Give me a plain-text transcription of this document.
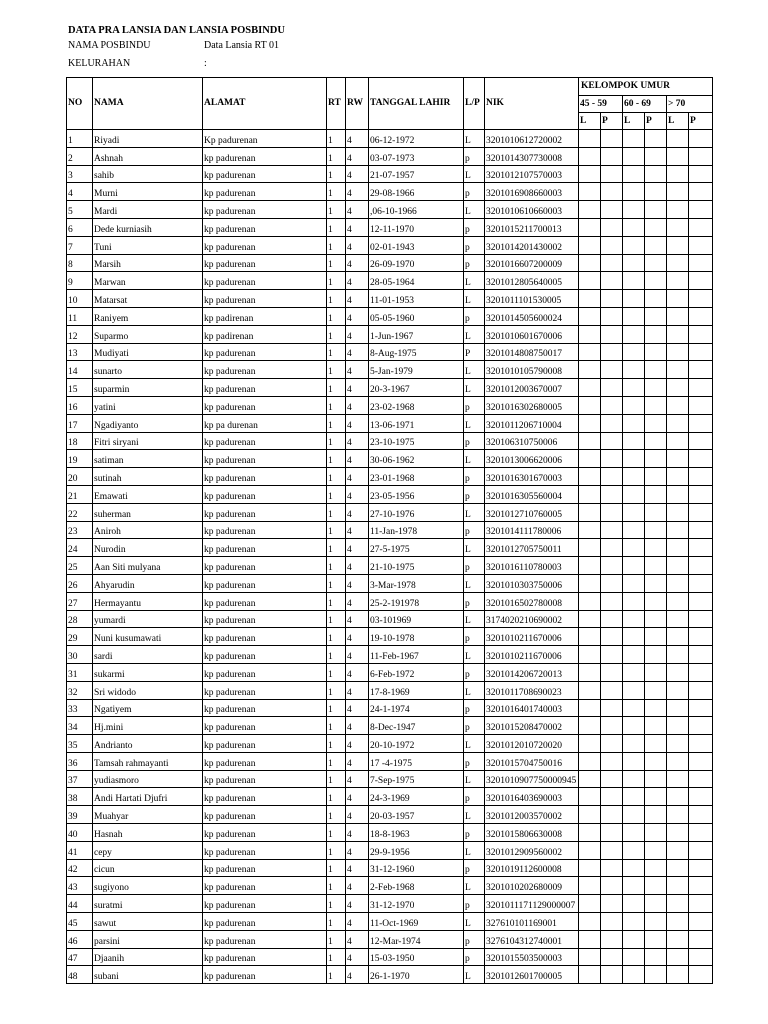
DATA PRA LANSIA DAN LANSIA POSBINDU
NAMA POSBINDU	Data Lansia RT 01
KELURAHAN	:
NO	NAMA	ALAMAT	RT	RW	TANGGAL LAHIR	L/P	NIK	KELOMPOK UMUR					
								45 - 59		60 - 69		> 70	
								L	P	L	P	L	P
1	Riyadi	Kp padurenan	1	4	06-12-1972	L	3201010612720002						
2	Ashnah	kp padurenan	1	4	03-07-1973	p	3201014307730008						
3	sahib	kp padurenan	1	4	21-07-1957	L	3201012107570003						
4	Murni	kp padurenan	1	4	29-08-1966	p	3201016908660003						
5	Mardi	kp padurenan	1	4	,06-10-1966	L	3201010610660003						
6	Dede kurniasih	kp padurenan	1	4	12-11-1970	p	3201015211700013						
7	Tuni	kp padurenan	1	4	02-01-1943	p	3201014201430002						
8	Marsih	kp padurenan	1	4	26-09-1970	p	3201016607200009						
9	Marwan	kp padurenan	1	4	28-05-1964	L	3201012805640005						
10	Matarsat	kp padurenan	1	4	11-01-1953	L	3201011101530005						
11	Raniyem	kp padirenan	1	4	05-05-1960	p	3201014505600024						
12	Suparmo	kp padirenan	1	4	1-Jun-1967	L	3201010601670006						
13	Mudiyati	kp padurenan	1	4	8-Aug-1975	P	3201014808750017						
14	sunarto	kp padurenan	1	4	5-Jan-1979	L	3201010105790008						
15	suparmin	kp padurenan	1	4	20-3-1967	L	3201012003670007						
16	yatini	kp padurenan	1	4	23-02-1968	p	3201016302680005						
17	Ngadiyanto	kp pa durenan	1	4	13-06-1971	L	3201011206710004						
18	Fitri siryani	kp padurenan	1	4	23-10-1975	p	320106310750006						
19	satiman	kp padurenan	1	4	30-06-1962	L	3201013006620006						
20	sutinah	kp padurenan	1	4	23-01-1968	p	3201016301670003						
21	Emawati	kp padurenan	1	4	23-05-1956	p	3201016305560004						
22	suherman	kp padurenan	1	4	27-10-1976	L	3201012710760005						
23	Aniroh	kp padurenan	1	4	11-Jan-1978	p	3201014111780006						
24	Nurodin	kp padurenan	1	4	27-5-1975	L	3201012705750011						
25	Aan Siti mulyana	kp padurenan	1	4	21-10-1975	p	3201016110780003						
26	Ahyarudin	kp padurenan	1	4	3-Mar-1978	L	3201010303750006						
27	Hermayantu	kp padurenan	1	4	25-2-191978	p	3201016502780008						
28	yumardi	kp padurenan	1	4	03-101969	L	3174020210690002						
29	Nuni kusumawati	kp padurenan	1	4	19-10-1978	p	3201010211670006						
30	sardi	kp padurenan	1	4	11-Feb-1967	L	3201010211670006						
31	sukarmi	kp padurenan	1	4	6-Feb-1972	p	3201014206720013						
32	Sri widodo	kp padurenan	1	4	17-8-1969	L	3201011708690023						
33	Ngatiyem	kp padurenan	1	4	24-1-1974	p	3201016401740003						
34	Hj.mini	kp padurenan	1	4	8-Dec-1947	p	3201015208470002						
35	Andrianto	kp padurenan	1	4	20-10-1972	L	3201012010720020						
36	Tamsah rahmayanti	kp padurenan	1	4	17 -4-1975	p	3201015704750016						
37	yudiasmoro	kp padurenan	1	4	7-Sep-1975	L	3201010907750000945						
38	Andi Hartati Djufri	kp padurenan	1	4	24-3-1969	p	3201016403690003						
39	Muahyar	kp padurenan	1	4	20-03-1957	L	3201012003570002						
40	Hasnah	kp padurenan	1	4	18-8-1963	p	3201015806630008						
41	cepy	kp padurenan	1	4	29-9-1956	L	3201012909560002						
42	cicun	kp padurenan	1	4	31-12-1960	p	3201019112600008						
43	sugiyono	kp padurenan	1	4	2-Feb-1968	L	3201010202680009						
44	suratmi	kp padurenan	1	4	31-12-1970	p	3201011171129000007						
45	sawut	kp padurenan	1	4	11-Oct-1969	L	327610101169001						
46	parsini	kp padurenan	1	4	12-Mar-1974	p	3276104312740001						
47	Djaanih	kp padurenan	1	4	15-03-1950	p	3201015503500003						
48	subani	kp padurenan	1	4	26-1-1970	L	3201012601700005						
